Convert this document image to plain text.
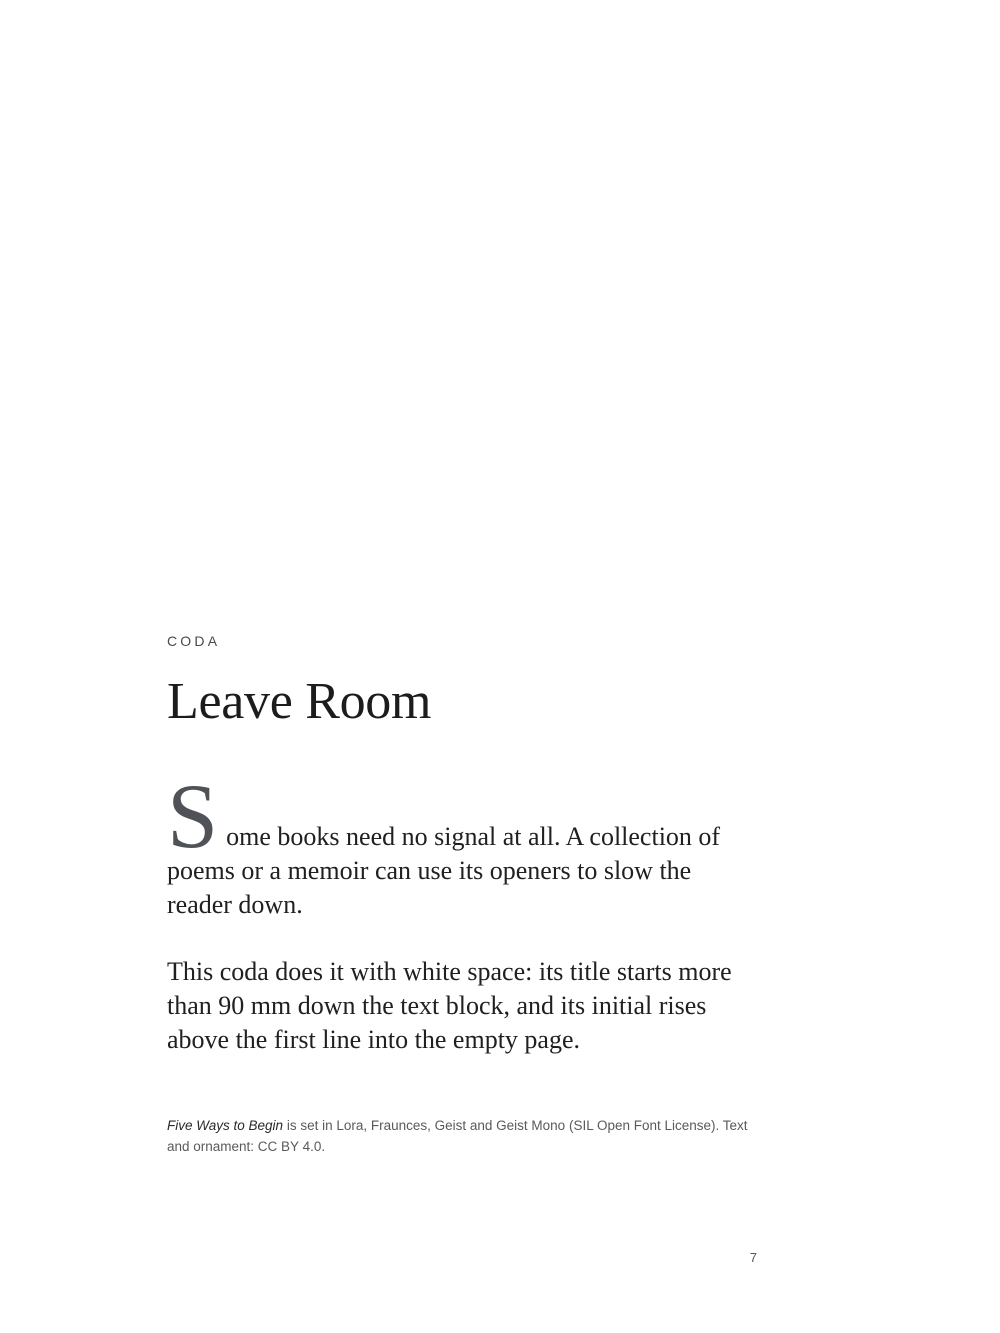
CODA

Leave Room

Some books need no signal at all. A collection of poems or a memoir can use its openers to slow the reader down.

This coda does it with white space: its title starts more than 90 mm down the text block, and its initial rises above the first line into the empty page.

Five Ways to Begin is set in Lora, Fraunces, Geist and Geist Mono (SIL Open Font License). Text and ornament: CC BY 4.0.

7
